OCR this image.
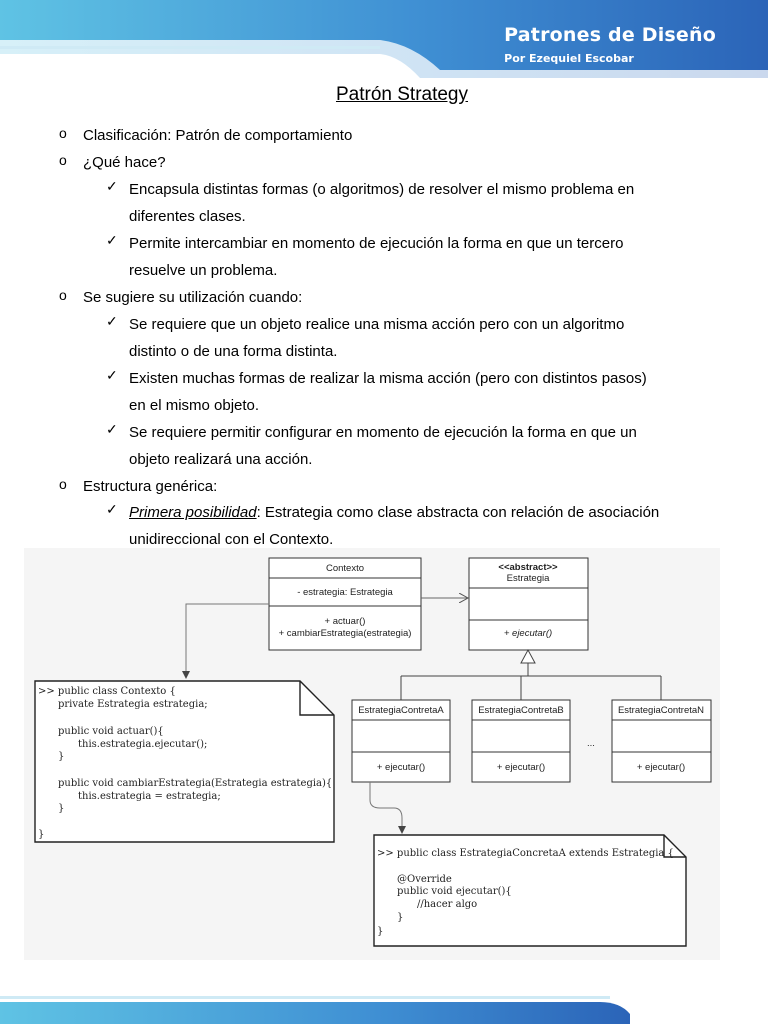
Patrones de Diseño
Por Ezequiel Escobar
Patrón Strategy
o Clasificación: Patrón de comportamiento
o ¿Qué hace?
✓ Encapsula distintas formas (o algoritmos) de resolver el mismo problema en
diferentes clases.
✓ Permite intercambiar en momento de ejecución la forma en que un tercero
resuelve un problema.
o Se sugiere su utilización cuando:
✓ Se requiere que un objeto realice una misma acción pero con un algoritmo
distinto o de una forma distinta.
✓ Existen muchas formas de realizar la misma acción (pero con distintos pasos)
en el mismo objeto.
✓ Se requiere permitir configurar en momento de ejecución la forma en que un
objeto realizará una acción.
o Estructura genérica:
✓ Primera posibilidad: Estrategia como clase abstracta con relación de asociación
unidireccional con el Contexto.
Contexto
- estrategia: Estrategia
+ actuar()
+ cambiarEstrategia(estrategia)
<<abstract>>
Estrategia
+ ejecutar()
EstrategiaContretaA
+ ejecutar()
EstrategiaContretaB
+ ejecutar()
...
EstrategiaContretaN
+ ejecutar()
>> public class Contexto {
private Estrategia estrategia;
public void actuar(){
this.estrategia.ejecutar();
}
public void cambiarEstrategia(Estrategia estrategia){
this.estrategia = estrategia;
}
}
>> public class EstrategiaConcretaA extends Estrategia {
@Override
public void ejecutar(){
//hacer algo
}
}
